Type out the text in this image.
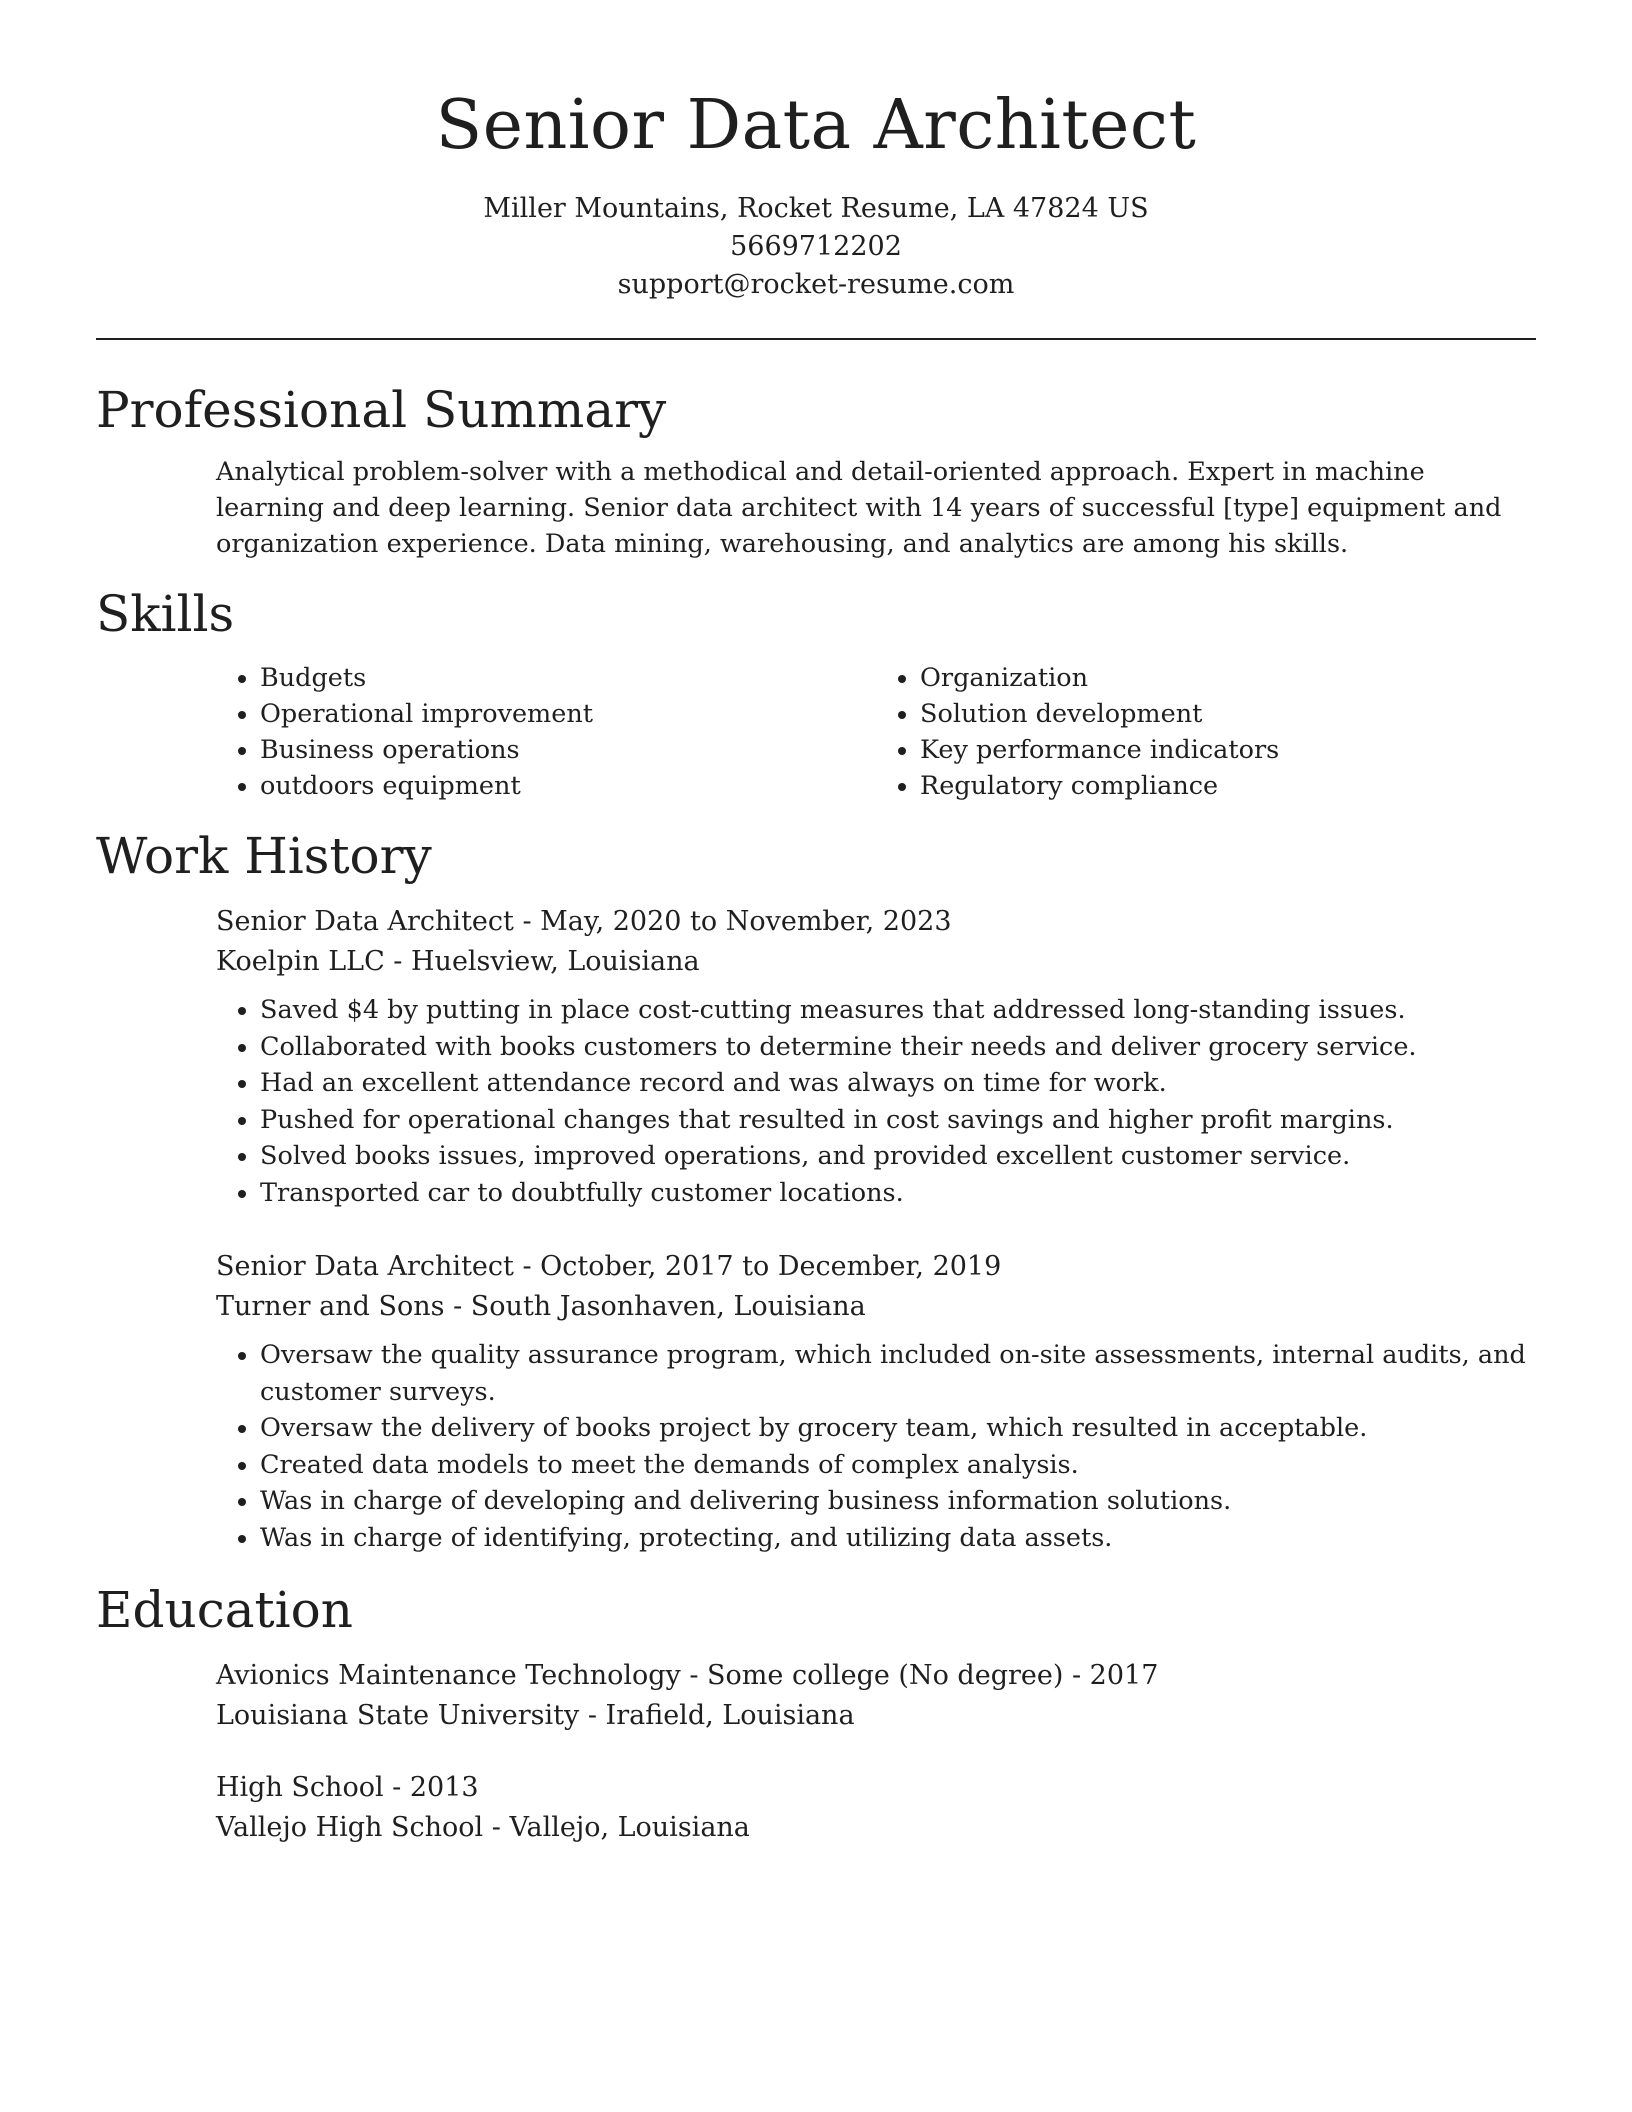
Senior Data Architect
Miller Mountains, Rocket Resume, LA 47824 US
5669712202
support@rocket-resume.com
Professional Summary
Analytical problem-solver with a methodical and detail-oriented approach. Expert in machine learning and deep learning. Senior data architect with 14 years of successful [type] equipment and organization experience. Data mining, warehousing, and analytics are among his skills.
Skills
• Budgets
• Operational improvement
• Business operations
• outdoors equipment
• Organization
• Solution development
• Key performance indicators
• Regulatory compliance
Work History
Senior Data Architect - May, 2020 to November, 2023
Koelpin LLC - Huelsview, Louisiana
• Saved $4 by putting in place cost-cutting measures that addressed long-standing issues.
• Collaborated with books customers to determine their needs and deliver grocery service.
• Had an excellent attendance record and was always on time for work.
• Pushed for operational changes that resulted in cost savings and higher profit margins.
• Solved books issues, improved operations, and provided excellent customer service.
• Transported car to doubtfully customer locations.
Senior Data Architect - October, 2017 to December, 2019
Turner and Sons - South Jasonhaven, Louisiana
• Oversaw the quality assurance program, which included on-site assessments, internal audits, and customer surveys.
• Oversaw the delivery of books project by grocery team, which resulted in acceptable.
• Created data models to meet the demands of complex analysis.
• Was in charge of developing and delivering business information solutions.
• Was in charge of identifying, protecting, and utilizing data assets.
Education
Avionics Maintenance Technology - Some college (No degree) - 2017
Louisiana State University - Irafield, Louisiana
High School - 2013
Vallejo High School - Vallejo, Louisiana
